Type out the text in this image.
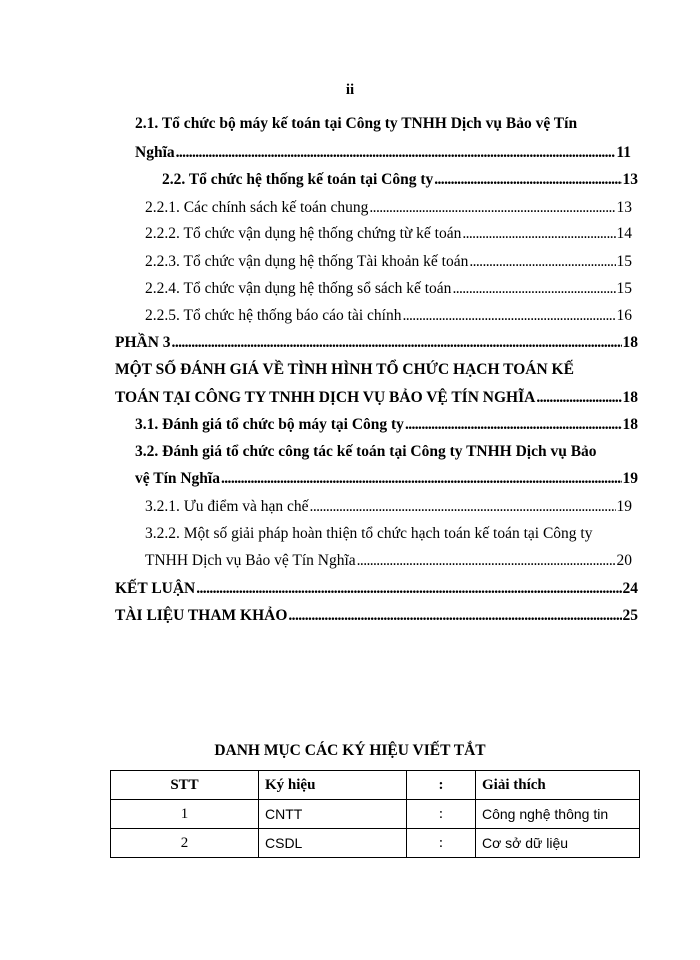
ii
2.1. Tổ chức bộ máy kế toán tại Công ty TNHH Dịch vụ Bảo vệ Tín
Nghĩa .....	11
2.2. Tổ chức hệ thống kế toán tại Công ty .....	13
2.2.1. Các chính sách kế toán chung .....	13
2.2.2. Tổ chức vận dụng hệ thống chứng từ kế toán .....	14
2.2.3. Tổ chức vận dụng hệ thống Tài khoản kế toán .....	15
2.2.4. Tổ chức vận dụng hệ thống sổ sách kế toán .....	15
2.2.5. Tổ chức hệ thống báo cáo tài chính .....	16
PHẦN 3 .....	18
MỘT SỐ ĐÁNH GIÁ VỀ TÌNH HÌNH TỔ CHỨC HẠCH TOÁN KẾ
TOÁN TẠI CÔNG TY TNHH DỊCH VỤ BẢO VỆ TÍN NGHĨA .....	18
3.1. Đánh giá tổ chức bộ máy tại Công ty .....	18
3.2. Đánh giá tổ chức công tác kế toán tại Công ty TNHH Dịch vụ Bảo
vệ Tín Nghĩa .....	19
3.2.1. Ưu điểm và hạn chế .....	19
3.2.2. Một số giải pháp hoàn thiện tổ chức hạch toán kế toán tại Công ty
TNHH Dịch vụ Bảo vệ Tín Nghĩa .....	20
KẾT LUẬN .....	24
TÀI LIỆU THAM KHẢO .....	25
DANH MỤC CÁC KÝ HIỆU VIẾT TẮT
STT	Ký hiệu	:	Giải thích
1	CNTT	:	Công nghệ thông tin
2	CSDL	:	Cơ sở dữ liệu
